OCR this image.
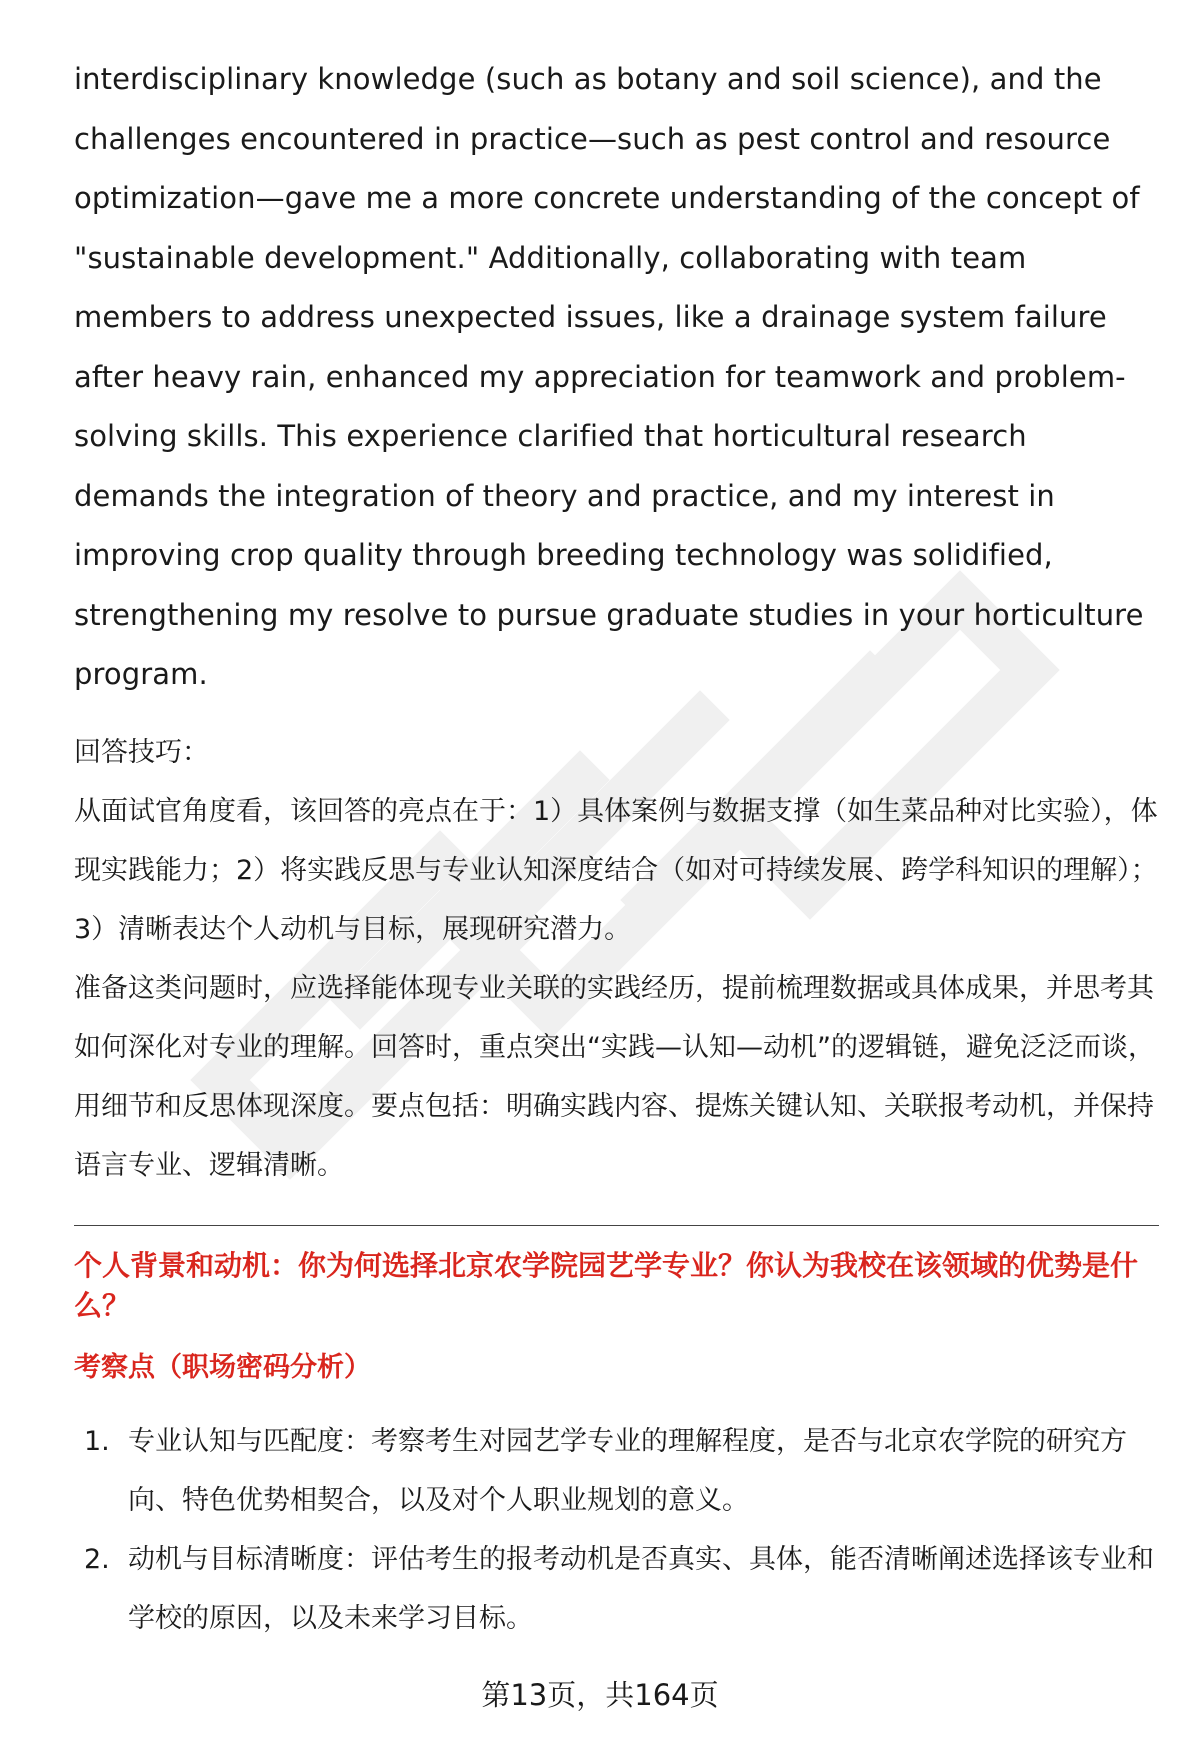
interdisciplinary knowledge (such as botany and soil science), and the challenges encountered in practice—such as pest control and resource optimization—gave me a more concrete understanding of the concept of "sustainable development." Additionally, collaborating with team members to address unexpected issues, like a drainage system failure after heavy rain, enhanced my appreciation for teamwork and problem-solving skills. This experience clarified that horticultural research demands the integration of theory and practice, and my interest in improving crop quality through breeding technology was solidified, strengthening my resolve to pursue graduate studies in your horticulture program.

回答技巧：

从面试官角度看，该回答的亮点在于：1）具体案例与数据支撑（如生菜品种对比实验），体现实践能力；2）将实践反思与专业认知深度结合（如对可持续发展、跨学科知识的理解）；3）清晰表达个人动机与目标，展现研究潜力。

准备这类问题时，应选择能体现专业关联的实践经历，提前梳理数据或具体成果，并思考其如何深化对专业的理解。回答时，重点突出“实践—认知—动机”的逻辑链，避免泛泛而谈，用细节和反思体现深度。要点包括：明确实践内容、提炼关键认知、关联报考动机，并保持语言专业、逻辑清晰。

个人背景和动机：你为何选择北京农学院园艺学专业？你认为我校在该领域的优势是什么？

考察点（职场密码分析）

1. 专业认知与匹配度：考察考生对园艺学专业的理解程度，是否与北京农学院的研究方向、特色优势相契合，以及对个人职业规划的意义。
2. 动机与目标清晰度：评估考生的报考动机是否真实、具体，能否清晰阐述选择该专业和学校的原因，以及未来学习目标。
第13页，共164页
